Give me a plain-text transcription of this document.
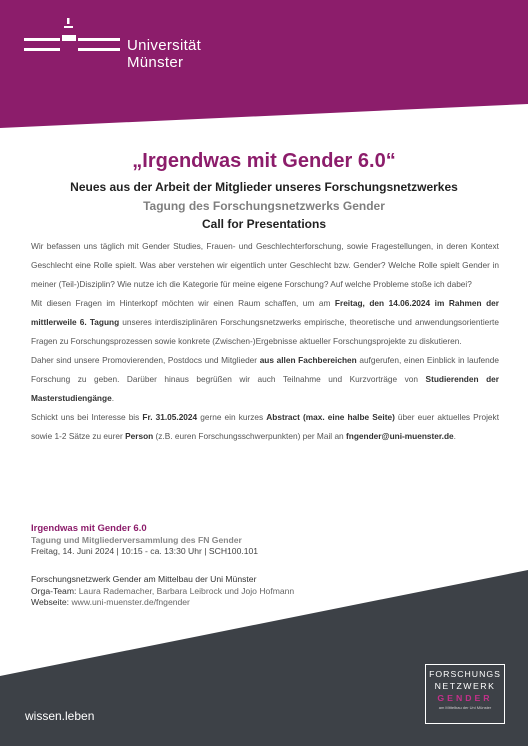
Universität
Münster
„Irgendwas mit Gender 6.0“
Neues aus der Arbeit der Mitglieder unseres Forschungsnetzwerkes
Tagung des Forschungsnetzwerks Gender
Call for Presentations

Wir befassen uns täglich mit Gender Studies, Frauen- und Geschlechterforschung, sowie Fragestellungen, in deren Kontext Geschlecht eine Rolle spielt. Was aber verstehen wir eigentlich unter Geschlecht bzw. Gender? Welche Rolle spielt Gender in meiner (Teil-)Disziplin? Wie nutze ich die Kategorie für meine eigene Forschung? Auf welche Probleme stoße ich dabei?

Mit diesen Fragen im Hinterkopf möchten wir einen Raum schaffen, um am Freitag, den 14.06.2024 im Rahmen der mittlerweile 6. Tagung unseres interdisziplinären Forschungsnetzwerks empirische, theoretische und anwendungsorientierte Fragen zu Forschungsprozessen sowie konkrete (Zwischen-)Ergebnisse aktueller Forschungsprojekte zu diskutieren.

Daher sind unsere Promovierenden, Postdocs und Mitglieder aus allen Fachbereichen aufgerufen, einen Einblick in laufende Forschung zu geben. Darüber hinaus begrüßen wir auch Teilnahme und Kurzvorträge von Studierenden der Masterstudiengänge.

Schickt uns bei Interesse bis Fr. 31.05.2024 gerne ein kurzes Abstract (max. eine halbe Seite) über euer aktuelles Projekt sowie 1-2 Sätze zu eurer Person (z.B. euren Forschungsschwerpunkten) per Mail an fngender@uni-muenster.de.

Irgendwas mit Gender 6.0
Tagung und Mitgliederversammlung des FN Gender
Freitag, 14. Juni 2024 | 10:15 - ca. 13:30 Uhr | SCH100.101
Forschungsnetzwerk Gender am Mittelbau der Uni Münster
Orga-Team: Laura Rademacher, Barbara Leibrock und Jojo Hofmann
Webseite: www.uni-muenster.de/fngender
wissen.leben
FORSCHUNGS
NETZWERK
GENDER
am Mittelbau der Uni Münster
